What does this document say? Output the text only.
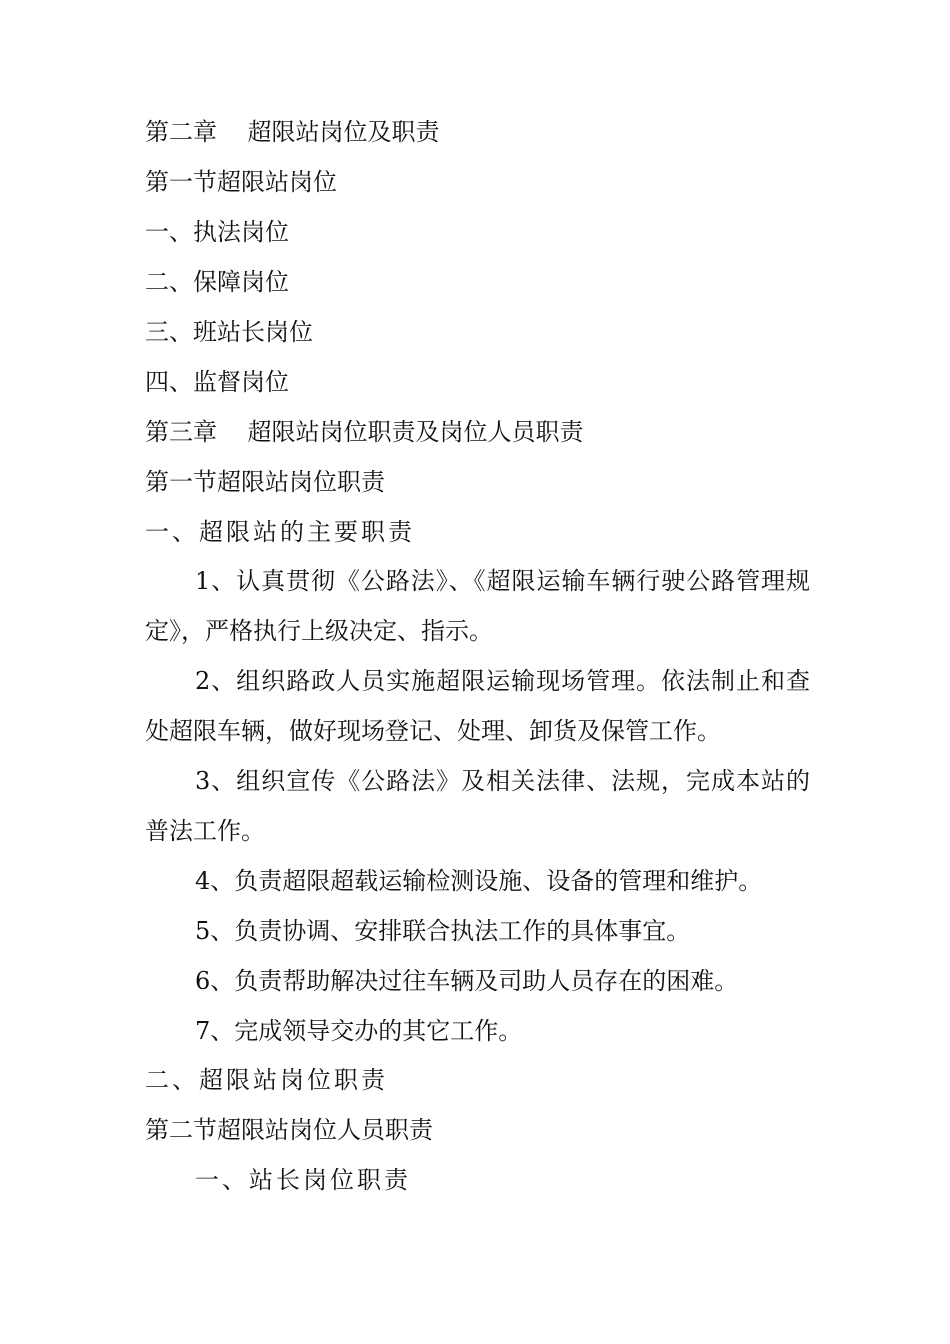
第二章    超限站岗位及职责
第一节超限站岗位
一、执法岗位
二、保障岗位
三、班站长岗位
四、监督岗位
第三章    超限站岗位职责及岗位人员职责
第一节超限站岗位职责
一、超限站的主要职责
1、认真贯彻《公路法》、《超限运输车辆行驶公路管理规定》，严格执行上级决定、指示。
2、组织路政人员实施超限运输现场管理。依法制止和查处超限车辆，做好现场登记、处理、卸货及保管工作。
3、组织宣传《公路法》及相关法律、法规，完成本站的普法工作。
4、负责超限超载运输检测设施、设备的管理和维护。
5、负责协调、安排联合执法工作的具体事宜。
6、负责帮助解决过往车辆及司助人员存在的困难。
7、完成领导交办的其它工作。
二、超限站岗位职责
第二节超限站岗位人员职责
一、站长岗位职责
